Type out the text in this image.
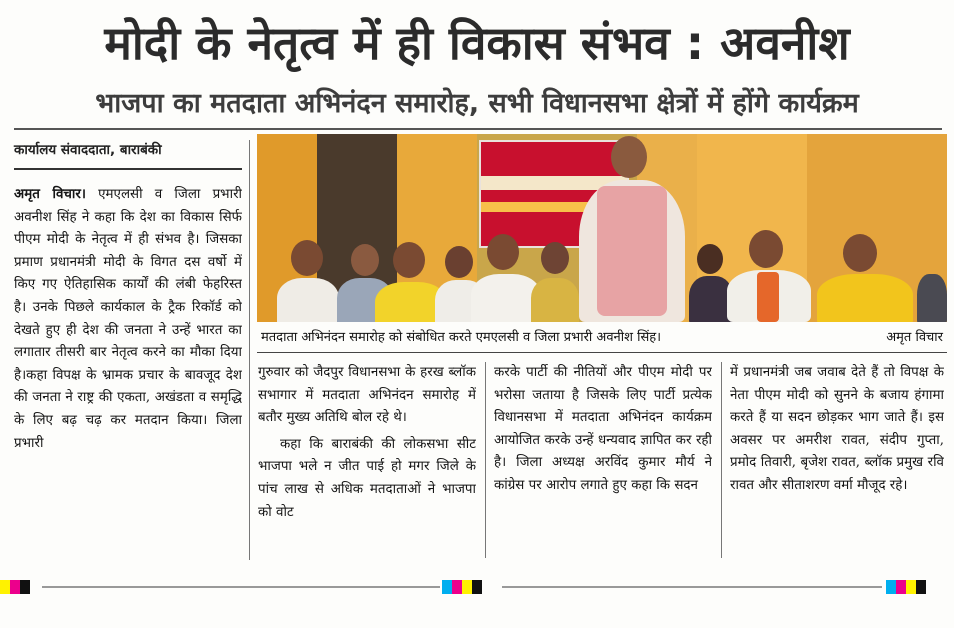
मोदी के नेतृत्व में ही विकास संभव : अवनीश
भाजपा का मतदाता अभिनंदन समारोह, सभी विधानसभा क्षेत्रों में होंगे कार्यक्रम
कार्यालय संवाददाता, बाराबंकी
अमृत विचार। एमएलसी व जिला प्रभारी अवनीश सिंह ने कहा कि देश का विकास सिर्फ पीएम मोदी के नेतृत्व में ही संभव है। जिसका प्रमाण प्रधानमंत्री मोदी के विगत दस वर्षो में किए गए ऐतिहासिक कार्यों की लंबी फेहरिस्त है। उनके पिछले कार्यकाल के ट्रैक रिकॉर्ड को देखते हुए ही देश की जनता ने उन्हें भारत का लगातार तीसरी बार नेतृत्व करने का मौका दिया है।कहा विपक्ष के भ्रामक प्रचार के बावजूद देश की जनता ने राष्ट्र की एकता, अखंडता व समृद्धि के लिए बढ़ चढ़ कर मतदान किया। जिला प्रभारी
मतदाता अभिनंदन समारोह को संबोधित करते एमएलसी व जिला प्रभारी अवनीश सिंह।	अमृत विचार
गुरुवार को जैदपुर विधानसभा के हरख ब्लॉक सभागार में मतदाता अभिनंदन समारोह में बतौर मुख्य अतिथि बोल रहे थे।
कहा कि बाराबंकी की लोकसभा सीट भाजपा भले न जीत पाई हो मगर जिले के पांच लाख से अधिक मतदाताओं ने भाजपा को वोट
करके पार्टी की नीतियों और पीएम मोदी पर भरोसा जताया है जिसके लिए पार्टी प्रत्येक विधानसभा में मतदाता अभिनंदन कार्यक्रम आयोजित करके उन्हें धन्यवाद ज्ञापित कर रही है। जिला अध्यक्ष अरविंद कुमार मौर्य ने कांग्रेस पर आरोप लगाते हुए कहा कि सदन
में प्रधानमंत्री जब जवाब देते हैं तो विपक्ष के नेता पीएम मोदी को सुनने के बजाय हंगामा करते हैं या सदन छोड़कर भाग जाते हैं। इस अवसर पर अमरीश रावत, संदीप गुप्ता, प्रमोद तिवारी, बृजेश रावत, ब्लॉक प्रमुख रवि रावत और सीताशरण वर्मा मौजूद रहे।
